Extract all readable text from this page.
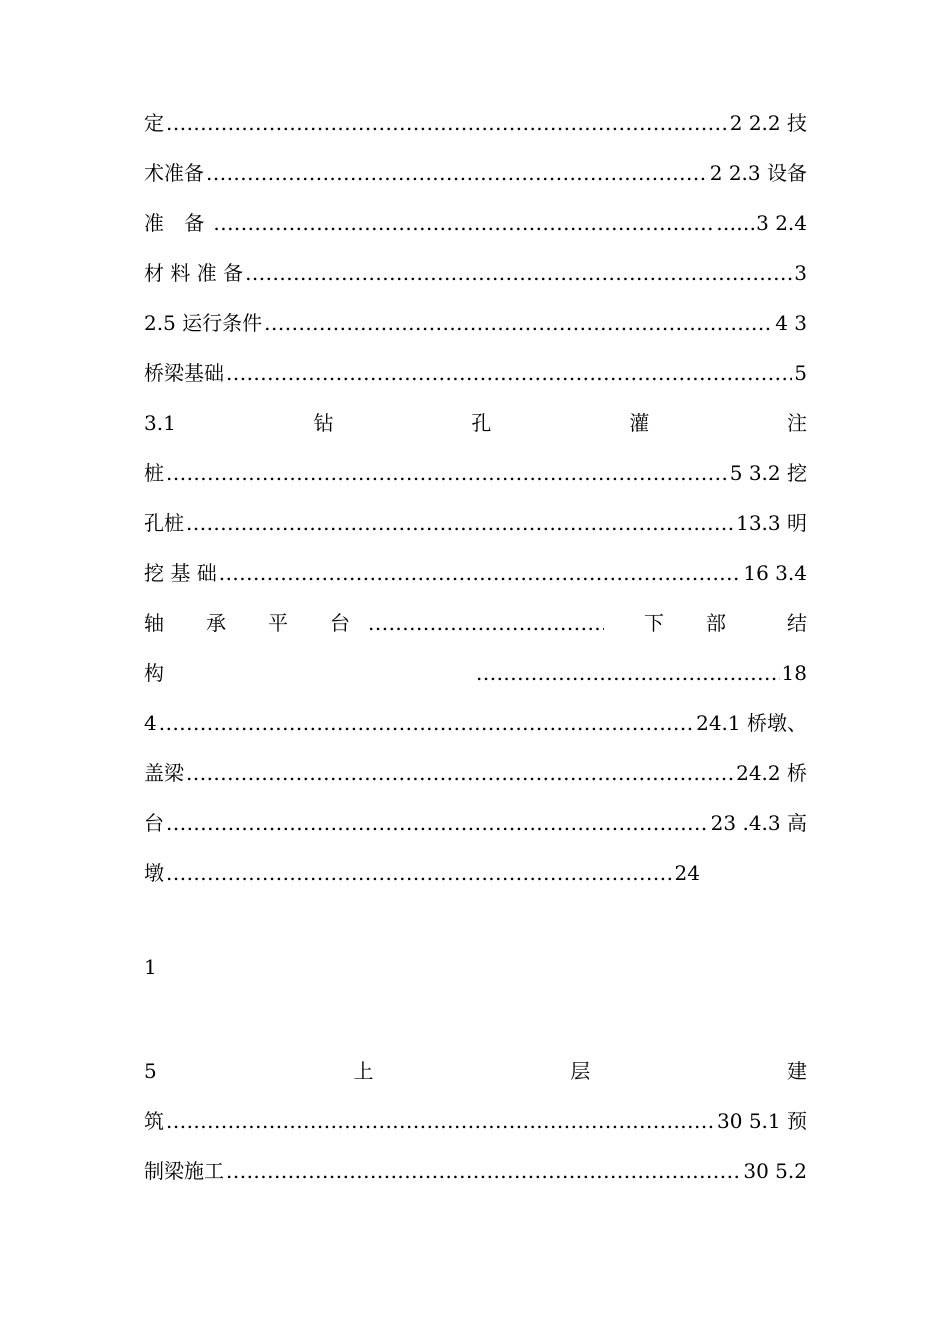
定 .....	2 2.2 技
术准备 .....	2 2.3 设备
准 备 .....	……3 2.4
材 料 准 备 .....	3
2.5 运行条件 .....	4 3
桥梁基础 .....	5
3.1	钻	孔	灌	注
桩 .....	5 3.2 挖
孔桩 .....	13.3 明
挖 基 础 .....	16 3.4
轴 承 平 台 .....	下 部	结
构 .....	18
4 .....	24.1 桥墩、
盖梁 .....	24.2 桥
台 .....	23 .4.3 高
墩 .....	24
1
5	上	层	建
筑 .....	30 5.1 预
制梁施工 .....	30 5.2
